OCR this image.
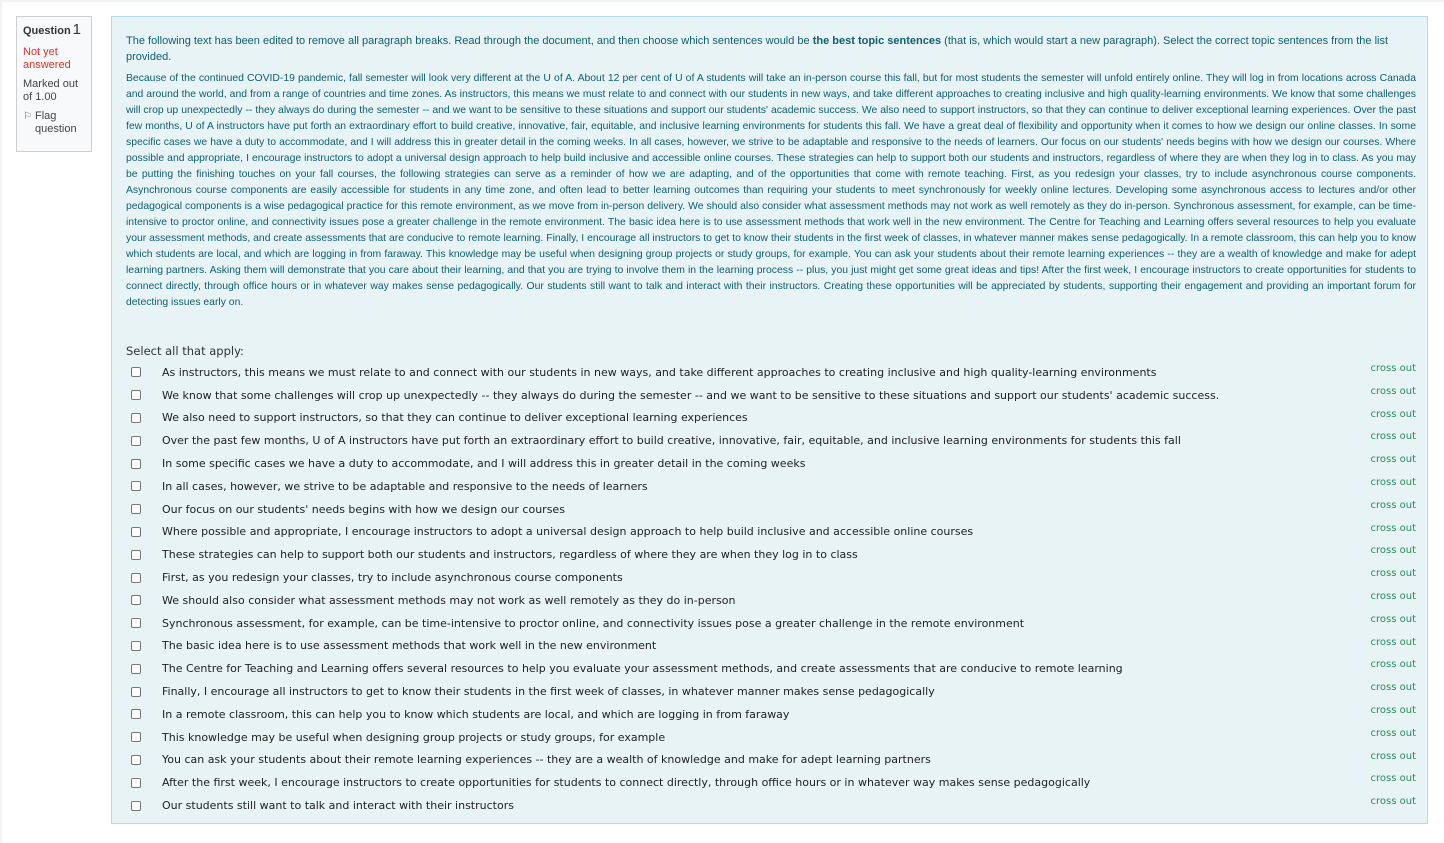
Question 1
Not yet answered
Marked out of 1.00
⚐ Flag question
The following text has been edited to remove all paragraph breaks. Read through the document, and then choose which sentences would be the best topic sentences (that is, which would start a new paragraph). Select the correct topic sentences from the list provided.
Because of the continued COVID-19 pandemic, fall semester will look very different at the U of A. About 12 per cent of U of A students will take an in-person course this fall, but for most students the semester will unfold entirely online. They will log in from locations across Canada and around the world, and from a range of countries and time zones. As instructors, this means we must relate to and connect with our students in new ways, and take different approaches to creating inclusive and high quality-learning environments. We know that some challenges will crop up unexpectedly -- they always do during the semester -- and we want to be sensitive to these situations and support our students' academic success. We also need to support instructors, so that they can continue to deliver exceptional learning experiences. Over the past few months, U of A instructors have put forth an extraordinary effort to build creative, innovative, fair, equitable, and inclusive learning environments for students this fall. We have a great deal of flexibility and opportunity when it comes to how we design our online classes. In some specific cases we have a duty to accommodate, and I will address this in greater detail in the coming weeks. In all cases, however, we strive to be adaptable and responsive to the needs of learners. Our focus on our students' needs begins with how we design our courses. Where possible and appropriate, I encourage instructors to adopt a universal design approach to help build inclusive and accessible online courses. These strategies can help to support both our students and instructors, regardless of where they are when they log in to class. As you may be putting the finishing touches on your fall courses, the following strategies can serve as a reminder of how we are adapting, and of the opportunities that come with remote teaching. First, as you redesign your classes, try to include asynchronous course components. Asynchronous course components are easily accessible for students in any time zone, and often lead to better learning outcomes than requiring your students to meet synchronously for weekly online lectures. Developing some asynchronous access to lectures and/or other pedagogical components is a wise pedagogical practice for this remote environment, as we move from in-person delivery. We should also consider what assessment methods may not work as well remotely as they do in-person. Synchronous assessment, for example, can be time-intensive to proctor online, and connectivity issues pose a greater challenge in the remote environment. The basic idea here is to use assessment methods that work well in the new environment. The Centre for Teaching and Learning offers several resources to help you evaluate your assessment methods, and create assessments that are conducive to remote learning. Finally, I encourage all instructors to get to know their students in the first week of classes, in whatever manner makes sense pedagogically. In a remote classroom, this can help you to know which students are local, and which are logging in from faraway. This knowledge may be useful when designing group projects or study groups, for example. You can ask your students about their remote learning experiences -- they are a wealth of knowledge and make for adept learning partners. Asking them will demonstrate that you care about their learning, and that you are trying to involve them in the learning process -- plus, you just might get some great ideas and tips! After the first week, I encourage instructors to create opportunities for students to connect directly, through office hours or in whatever way makes sense pedagogically. Our students still want to talk and interact with their instructors. Creating these opportunities will be appreciated by students, supporting their engagement and providing an important forum for detecting issues early on.
Select all that apply:
As instructors, this means we must relate to and connect with our students in new ways, and take different approaches to creating inclusive and high quality-learning environments	cross out
We know that some challenges will crop up unexpectedly -- they always do during the semester -- and we want to be sensitive to these situations and support our students' academic success.	cross out
We also need to support instructors, so that they can continue to deliver exceptional learning experiences	cross out
Over the past few months, U of A instructors have put forth an extraordinary effort to build creative, innovative, fair, equitable, and inclusive learning environments for students this fall	cross out
In some specific cases we have a duty to accommodate, and I will address this in greater detail in the coming weeks	cross out
In all cases, however, we strive to be adaptable and responsive to the needs of learners	cross out
Our focus on our students' needs begins with how we design our courses	cross out
Where possible and appropriate, I encourage instructors to adopt a universal design approach to help build inclusive and accessible online courses	cross out
These strategies can help to support both our students and instructors, regardless of where they are when they log in to class	cross out
First, as you redesign your classes, try to include asynchronous course components	cross out
We should also consider what assessment methods may not work as well remotely as they do in-person	cross out
Synchronous assessment, for example, can be time-intensive to proctor online, and connectivity issues pose a greater challenge in the remote environment	cross out
The basic idea here is to use assessment methods that work well in the new environment	cross out
The Centre for Teaching and Learning offers several resources to help you evaluate your assessment methods, and create assessments that are conducive to remote learning	cross out
Finally, I encourage all instructors to get to know their students in the first week of classes, in whatever manner makes sense pedagogically	cross out
In a remote classroom, this can help you to know which students are local, and which are logging in from faraway	cross out
This knowledge may be useful when designing group projects or study groups, for example	cross out
You can ask your students about their remote learning experiences -- they are a wealth of knowledge and make for adept learning partners	cross out
After the first week, I encourage instructors to create opportunities for students to connect directly, through office hours or in whatever way makes sense pedagogically	cross out
Our students still want to talk and interact with their instructors	cross out
